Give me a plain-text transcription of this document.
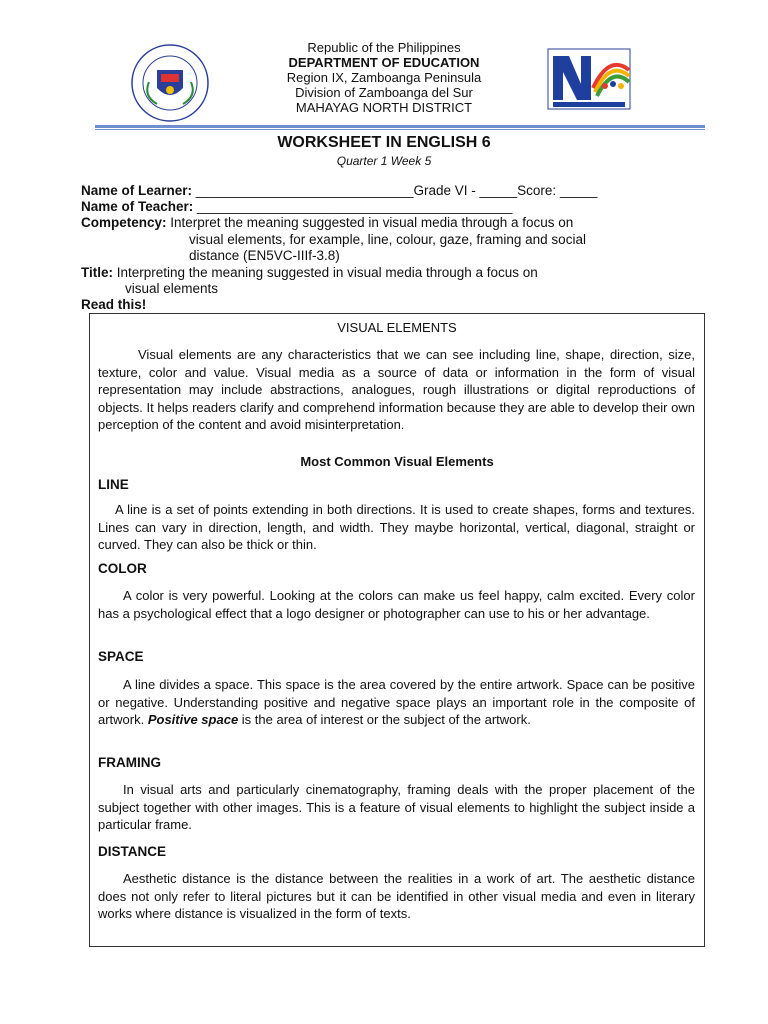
Republic of the Philippines
DEPARTMENT OF EDUCATION
Region IX, Zamboanga Peninsula
Division of Zamboanga del Sur
MAHAYAG NORTH DISTRICT
WORKSHEET IN ENGLISH 6
Quarter 1 Week 5
Name of Learner: _____________________________Grade VI - _____Score: _____
Name of Teacher: __________________________________________
Competency: Interpret the meaning suggested in visual media through a focus on
visual elements, for example, line, colour, gaze, framing and social
distance (EN5VC-IIIf-3.8)
Title: Interpreting the meaning suggested in visual media through a focus on
visual elements
Read this!
VISUAL ELEMENTS
Visual elements are any characteristics that we can see including line, shape, direction, size, texture, color and value. Visual media as a source of data or information in the form of visual representation may include abstractions, analogues, rough illustrations or digital reproductions of objects. It helps readers clarify and comprehend information because they are able to develop their own perception of the content and avoid misinterpretation.
Most Common Visual Elements
LINE
A line is a set of points extending in both directions. It is used to create shapes, forms and textures. Lines can vary in direction, length, and width. They maybe horizontal, vertical, diagonal, straight or curved. They can also be thick or thin.
COLOR
A color is very powerful. Looking at the colors can make us feel happy, calm excited. Every color has a psychological effect that a logo designer or photographer can use to his or her advantage.
SPACE
A line divides a space. This space is the area covered by the entire artwork. Space can be positive or negative. Understanding positive and negative space plays an important role in the composite of artwork. Positive space is the area of interest or the subject of the artwork.
FRAMING
In visual arts and particularly cinematography, framing deals with the proper placement of the subject together with other images. This is a feature of visual elements to highlight the subject inside a particular frame.
DISTANCE
Aesthetic distance is the distance between the realities in a work of art. The aesthetic distance does not only refer to literal pictures but it can be identified in other visual media and even in literary works where distance is visualized in the form of texts.
